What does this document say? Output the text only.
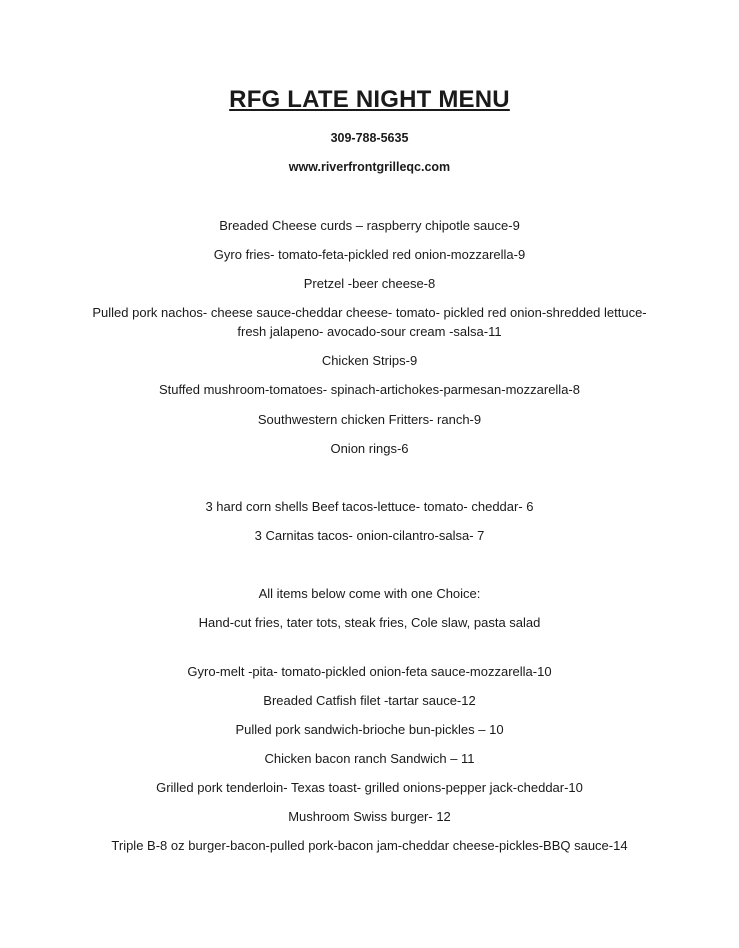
RFG LATE NIGHT MENU

309-788-5635

www.riverfrontgrilleqc.com

Breaded Cheese curds – raspberry chipotle sauce-9

Gyro fries- tomato-feta-pickled red onion-mozzarella-9

Pretzel -beer cheese-8

Pulled pork nachos- cheese sauce-cheddar cheese- tomato- pickled red onion-shredded lettuce-

fresh jalapeno- avocado-sour cream -salsa-11

Chicken Strips-9

Stuffed mushroom-tomatoes- spinach-artichokes-parmesan-mozzarella-8

Southwestern chicken Fritters- ranch-9

Onion rings-6

3 hard corn shells Beef tacos-lettuce- tomato- cheddar- 6

3 Carnitas tacos- onion-cilantro-salsa- 7

All items below come with one Choice:

Hand-cut fries, tater tots, steak fries, Cole slaw, pasta salad

Gyro-melt -pita- tomato-pickled onion-feta sauce-mozzarella-10

Breaded Catfish filet -tartar sauce-12

Pulled pork sandwich-brioche bun-pickles – 10

Chicken bacon ranch Sandwich – 11

Grilled pork tenderloin- Texas toast- grilled onions-pepper jack-cheddar-10

Mushroom Swiss burger- 12

Triple B-8 oz burger-bacon-pulled pork-bacon jam-cheddar cheese-pickles-BBQ sauce-14
